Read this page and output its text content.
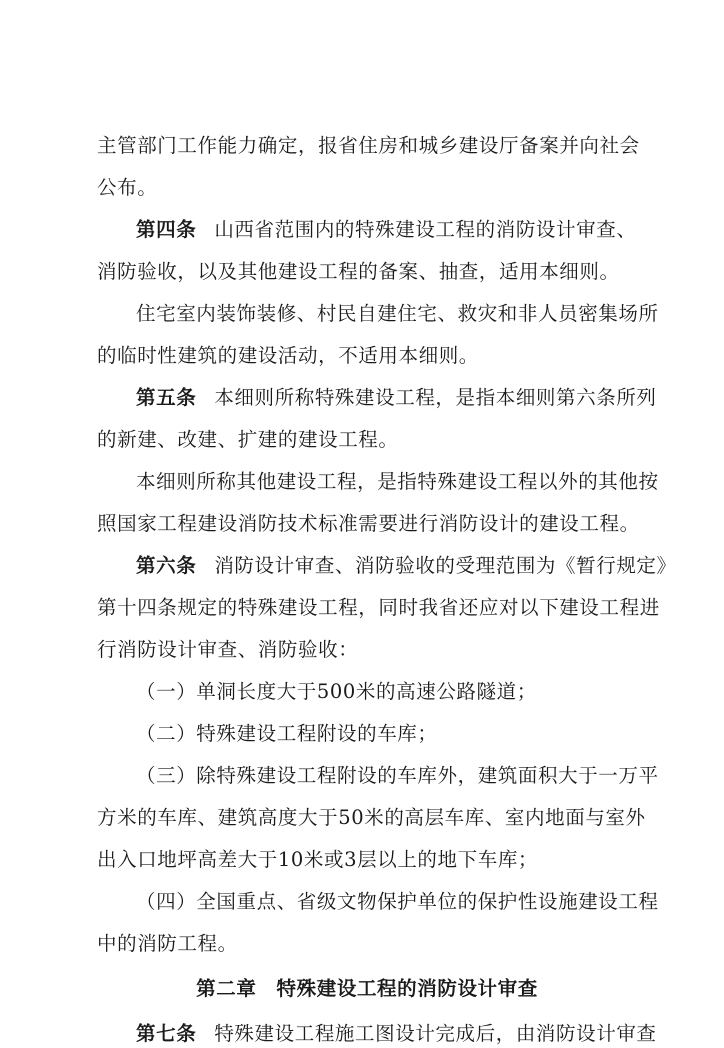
主管部门工作能力确定，报省住房和城乡建设厅备案并向社会
公布。
第四条 山西省范围内的特殊建设工程的消防设计审查、
消防验收，以及其他建设工程的备案、抽查，适用本细则。
住宅室内装饰装修、村民自建住宅、救灾和非人员密集场所
的临时性建筑的建设活动，不适用本细则。
第五条 本细则所称特殊建设工程，是指本细则第六条所列
的新建、改建、扩建的建设工程。
本细则所称其他建设工程，是指特殊建设工程以外的其他按
照国家工程建设消防技术标准需要进行消防设计的建设工程。
第六条 消防设计审查、消防验收的受理范围为《暂行规定》
第十四条规定的特殊建设工程，同时我省还应对以下建设工程进
行消防设计审查、消防验收：
（一）单洞长度大于500米的高速公路隧道；
（二）特殊建设工程附设的车库；
（三）除特殊建设工程附设的车库外，建筑面积大于一万平
方米的车库、建筑高度大于50米的高层车库、室内地面与室外
出入口地坪高差大于10米或3层以上的地下车库；
（四）全国重点、省级文物保护单位的保护性设施建设工程
中的消防工程。
第二章　特殊建设工程的消防设计审查
第七条 特殊建设工程施工图设计完成后，由消防设计审查
